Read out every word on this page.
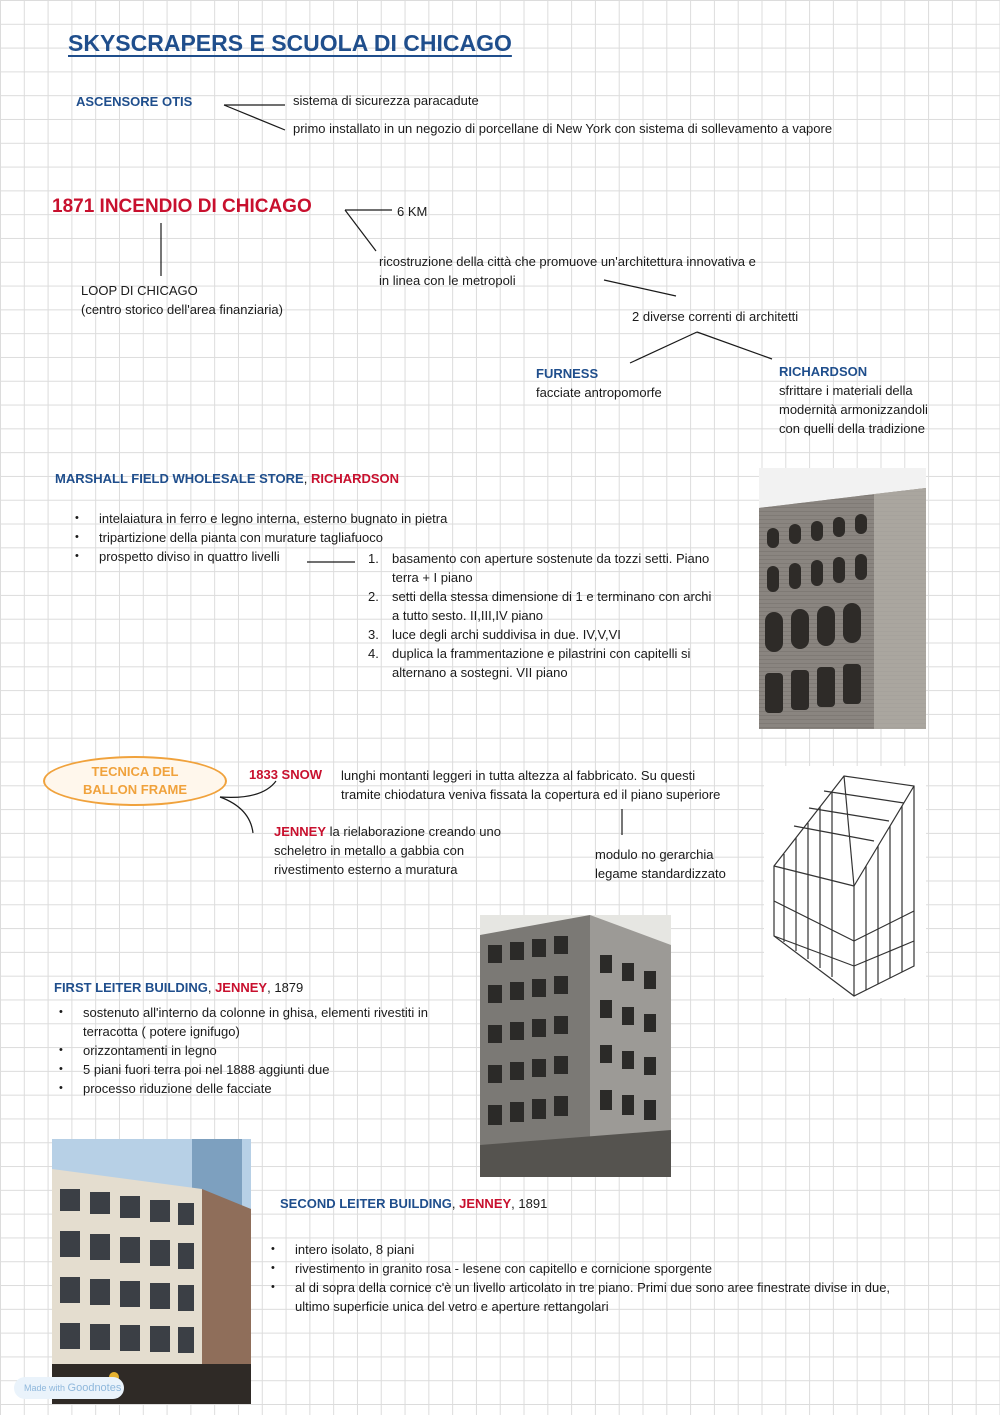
SKYSCRAPERS E SCUOLA DI CHICAGO
ASCENSORE OTIS	sistema di sicurezza paracadute
primo installato in un negozio di porcellane di New York con sistema di sollevamento a vapore
1871 INCENDIO DI CHICAGO	6 KM
LOOP DI CHICAGO
(centro storico dell'area finanziaria)
ricostruzione della città che promuove un'architettura innovativa e
in linea con le metropoli
2 diverse correnti di architetti
FURNESS
facciate antropomorfe
RICHARDSON
sfrittare i materiali della
modernità armonizzandoli
con quelli della tradizione
MARSHALL FIELD WHOLESALE STORE, RICHARDSON
• intelaiatura in ferro e legno interna, esterno bugnato in pietra
• tripartizione della pianta con murature tagliafuoco
• prospetto diviso in quattro livelli	1. basamento con aperture sostenute da tozzi setti. Piano
terra + I piano
2. setti della stessa dimensione di 1 e terminano con archi
a tutto sesto. II,III,IV piano
3. luce degli archi suddivisa in due. IV,V,VI
4. duplica la frammentazione e pilastrini con capitelli si
alternano a sostegni. VII piano
TECNICA DEL
BALLON FRAME
1833 SNOW lunghi montanti leggeri in tutta altezza al fabbricato. Su questi
tramite chiodatura veniva fissata la copertura ed il piano superiore
JENNEY la rielaborazione creando uno
scheletro in metallo a gabbia con
rivestimento esterno a muratura
modulo no gerarchia
legame standardizzato
FIRST LEITER BUILDING, JENNEY, 1879
• sostenuto all'interno da colonne in ghisa, elementi rivestiti in
terracotta ( potere ignifugo)
• orizzontamenti in legno
• 5 piani fuori terra poi nel 1888 aggiunti due
• processo riduzione delle facciate
SECOND LEITER BUILDING, JENNEY, 1891
• intero isolato, 8 piani
• rivestimento in granito rosa - lesene con capitello e cornicione sporgente
• al di sopra della cornice c'è un livello articolato in tre piano. Primi due sono aree finestrate divise in due,
ultimo superficie unica del vetro e aperture rettangolari
Made with Goodnotes
